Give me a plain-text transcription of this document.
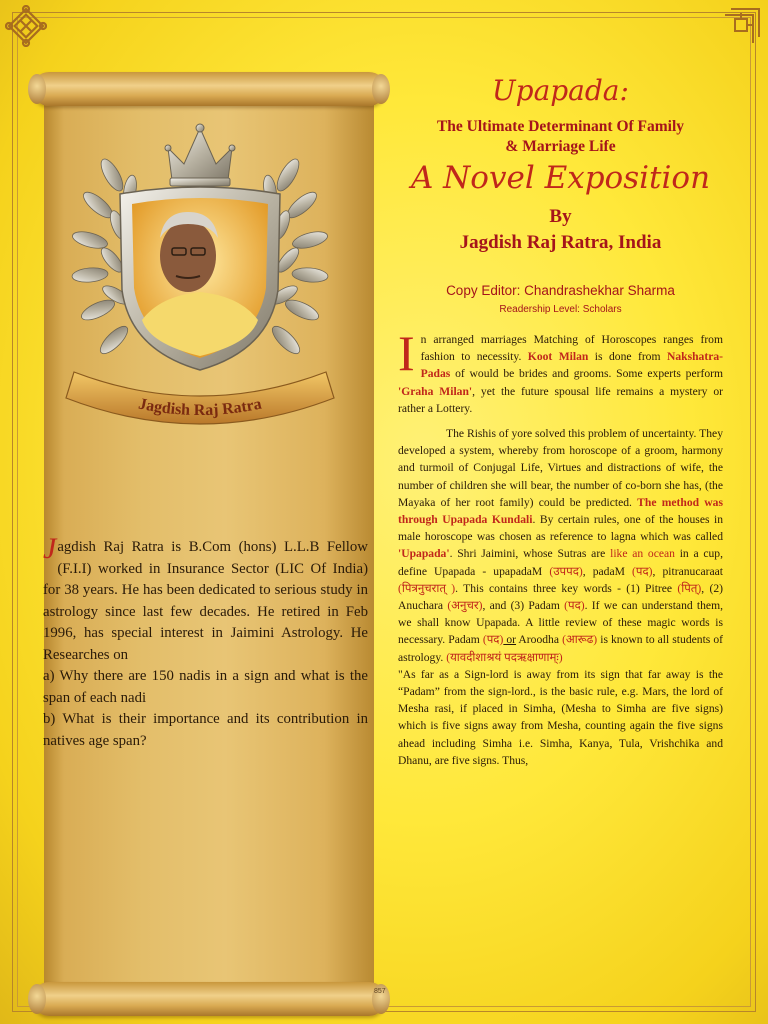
Jagdish Raj Ratra

Jagdish Raj Ratra is B.Com (hons) L.L.B Fellow (F.I.I) worked in Insurance Sector (LIC Of India) for 38 years. He has been dedicated to serious study in astrology since last few decades. He retired in Feb 1996, has special interest in Jaimini Astrology. He Researches on

a) Why there are 150 nadis in a sign and what is the span of each nadi

b) What is their importance and its contribution in natives age span?

Upapada:
The Ultimate Determinant Of Family
& Marriage Life
A Novel Exposition
By
Jagdish Raj Ratra, India
Copy Editor: Chandrashekhar Sharma
Readership Level: Scholars

In arranged marriages Matching of Horoscopes ranges from fashion to necessity. Koot Milan is done from Nakshatra-Padas of would be brides and grooms. Some experts perform 'Graha Milan', yet the future spousal life remains a mystery or rather a Lottery.

The Rishis of yore solved this problem of uncertainty. They developed a system, whereby from horoscope of a groom, harmony and turmoil of Conjugal Life, Virtues and distractions of wife, the number of children she will bear, the number of co-born she has, (the Mayaka of her root family) could be predicted. The method was through Upapada Kundali. By certain rules, one of the houses in male horoscope was chosen as reference to lagna which was called 'Upapada'. Shri Jaimini, whose Sutras are like an ocean in a cup, define Upapada - upapadaM (उपपद), padaM (पद), pitranucaraat (पित्रनुचरात् ). This contains three key words - (1) Pitree (पित्), (2) Anuchara (अनुचर), and (3) Padam (पद). If we can understand them, we shall know Upapada. A little review of these magic words is necessary. Padam (पद) or Aroodha (आरूढ) is known to all students of astrology. (यावदीशाश्रयं पदऋक्षाणाम्ः)

"As far as a Sign-lord is away from its sign that far away is the “Padam” from the sign-lord., is the basic rule, e.g. Mars, the lord of Mesha rasi, if placed in Simha, (Mesha to Simha are five signs) which is five signs away from Mesha, counting again the five signs ahead including Simha i.e. Simha, Kanya, Tula, Vrishchika and Dhanu, are five signs. Thus,

857
